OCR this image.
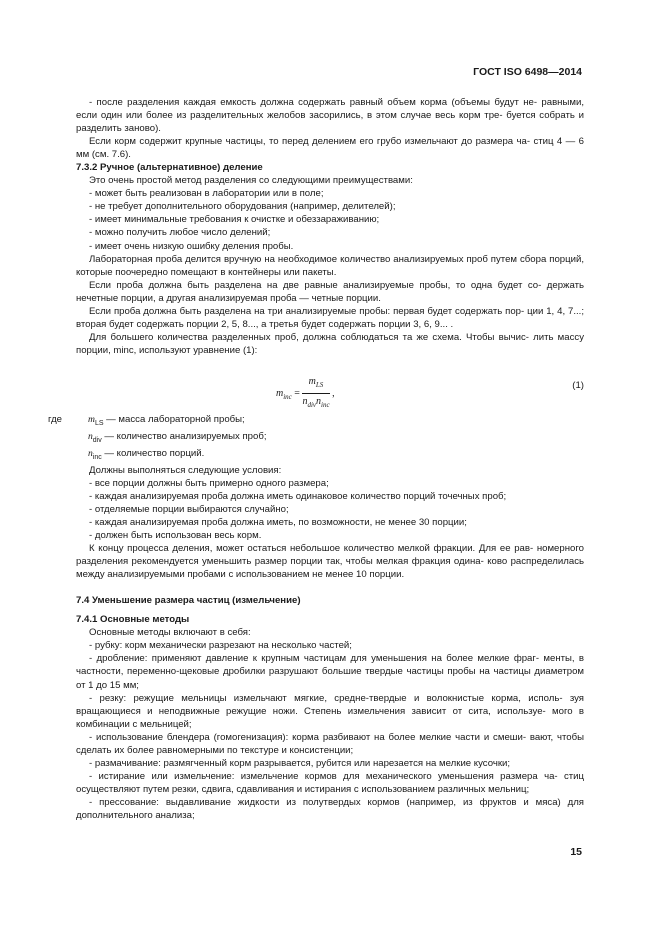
ГОСТ ISO 6498—2014

- после разделения каждая емкость должна содержать равный объем корма (объемы будут не- равными, если один или более из разделительных желобов засорились, в этом случае весь корм тре- буется собрать и разделить заново).

Если корм содержит крупные частицы, то перед делением его грубо измельчают до размера ча- стиц 4 — 6 мм (см. 7.6).

7.3.2 Ручное (альтернативное) деление

Это очень простой метод разделения со следующими преимуществами:

- может быть реализован в лаборатории или в поле;

- не требует дополнительного оборудования (например, делителей);

- имеет минимальные требования к очистке и обеззараживанию;

- можно получить любое число делений;

- имеет очень низкую ошибку деления пробы.

Лабораторная проба делится вручную на необходимое количество анализируемых проб путем сбора порций, которые поочередно помещают в контейнеры или пакеты.

Если проба должна быть разделена на две равные анализируемые пробы, то одна будет со- держать нечетные порции, а другая анализируемая проба — четные порции.

Если проба должна быть разделена на три анализируемые пробы: первая будет содержать пор- ции 1, 4, 7...; вторая будет содержать порции 2, 5, 8..., а третья будет содержать порции 3, 6, 9... .

Для большего количества разделенных проб, должна соблюдаться та же схема. Чтобы вычис- лить массу порции, minc, используют уравнение (1):

$m_{inc} = \frac{m_{LS}}{n_{div}n_{inc}}$ ,
(1)
где	$m_{LS}$ — масса лабораторной пробы;

$n_{div}$ — количество анализируемых проб;

$n_{inc}$ — количество порций.

Должны выполняться следующие условия:

- все порции должны быть примерно одного размера;

- каждая анализируемая проба должна иметь одинаковое количество порций точечных проб;

- отделяемые порции выбираются случайно;

- каждая анализируемая проба должна иметь, по возможности, не менее 30 порции;

- должен быть использован весь корм.

К концу процесса деления, может остаться небольшое количество мелкой фракции. Для ее рав- номерного разделения рекомендуется уменьшить размер порции так, чтобы мелкая фракция одина- ково распределилась между анализируемыми пробами с использованием не менее 10 порции.

7.4 Уменьшение размера частиц (измельчение)

7.4.1 Основные методы

Основные методы включают в себя:

- рубку: корм механически разрезают на несколько частей;

- дробление: применяют давление к крупным частицам для уменьшения на более мелкие фраг- менты, в частности, переменно-щековые дробилки разрушают большие твердые частицы пробы на частицы диаметром от 1 до 15 мм;

- резку: режущие мельницы измельчают мягкие, средне-твердые и волокнистые корма, исполь- зуя вращающиеся и неподвижные режущие ножи. Степень измельчения зависит от сита, используе- мого в комбинации с мельницей;

- использование блендера (гомогенизация): корма разбивают на более мелкие части и смеши- вают, чтобы сделать их более равномерными по текстуре и консистенции;

- размачивание: размягченный корм разрывается, рубится или нарезается на мелкие кусочки;

- истирание или измельчение: измельчение кормов для механического уменьшения размера ча- стиц осуществляют путем резки, сдвига, сдавливания и истирания с использованием различных мельниц;

- прессование: выдавливание жидкости из полутвердых кормов (например, из фруктов и мяса) для дополнительного анализа;

15
